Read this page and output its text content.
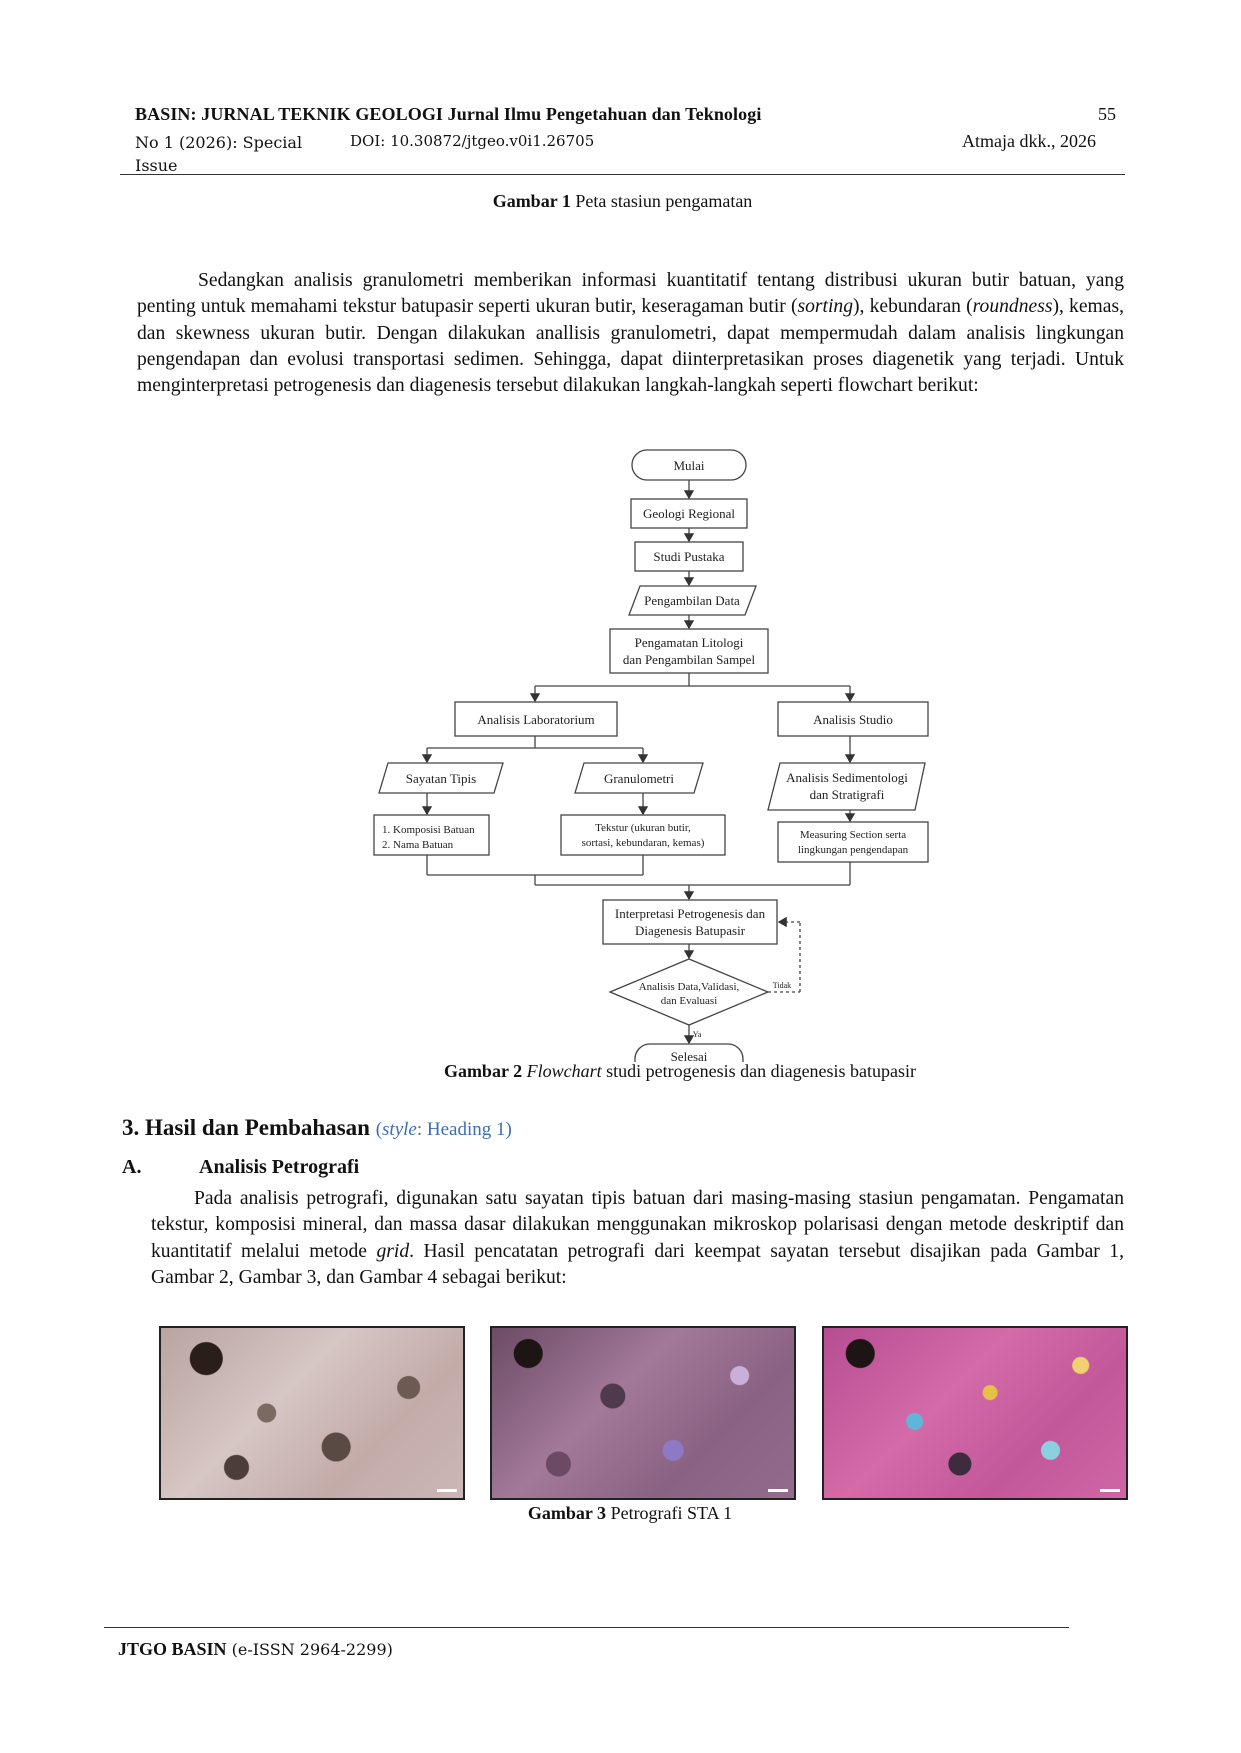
BASIN: JURNAL TEKNIK GEOLOGI Jurnal Ilmu Pengetahuan dan Teknologi	55
No 1 (2026): Special Issue
DOI: 10.30872/jtgeo.v0i1.26705	Atmaja dkk., 2026
Gambar 1 Peta stasiun pengamatan
Sedangkan analisis granulometri memberikan informasi kuantitatif tentang distribusi ukuran butir batuan, yang penting untuk memahami tekstur batupasir seperti ukuran butir, keseragaman butir (sorting), kebundaran (roundness), kemas, dan skewness ukuran butir. Dengan dilakukan anallisis granulometri, dapat mempermudah dalam analisis lingkungan pengendapan dan evolusi transportasi sedimen. Sehingga, dapat diinterpretasikan proses diagenetik yang terjadi. Untuk menginterpretasi petrogenesis dan diagenesis tersebut dilakukan langkah-langkah seperti flowchart berikut:
Mulai
Geologi Regional
Studi Pustaka
Pengambilan Data
Pengamatan Litologi
dan Pengambilan Sampel
Analisis Laboratorium	Analisis Studio
Sayatan Tipis	Granulometri	Analisis Sedimentologi
dan Stratigrafi
1. Komposisi Batuan
2. Nama Batuan
Tekstur (ukuran butir,
sortasi, kebundaran, kemas)
Measuring Section serta
lingkungan pengendapan
Interpretasi Petrogenesis dan
Diagenesis Batupasir
Analisis Data,Validasi,
dan Evaluasi
Tidak
Ya
Selesai
Gambar 2 Flowchart studi petrogenesis dan diagenesis batupasir
3. Hasil dan Pembahasan (style: Heading 1)
A.	Analisis Petrografi
Pada analisis petrografi, digunakan satu sayatan tipis batuan dari masing-masing stasiun pengamatan. Pengamatan tekstur, komposisi mineral, dan massa dasar dilakukan menggunakan mikroskop polarisasi dengan metode deskriptif dan kuantitatif melalui metode grid. Hasil pencatatan petrografi dari keempat sayatan tersebut disajikan pada Gambar 1, Gambar 2, Gambar 3, dan Gambar 4 sebagai berikut:
Gambar 3 Petrografi STA 1
JTGO BASIN (e-ISSN 2964-2299)
